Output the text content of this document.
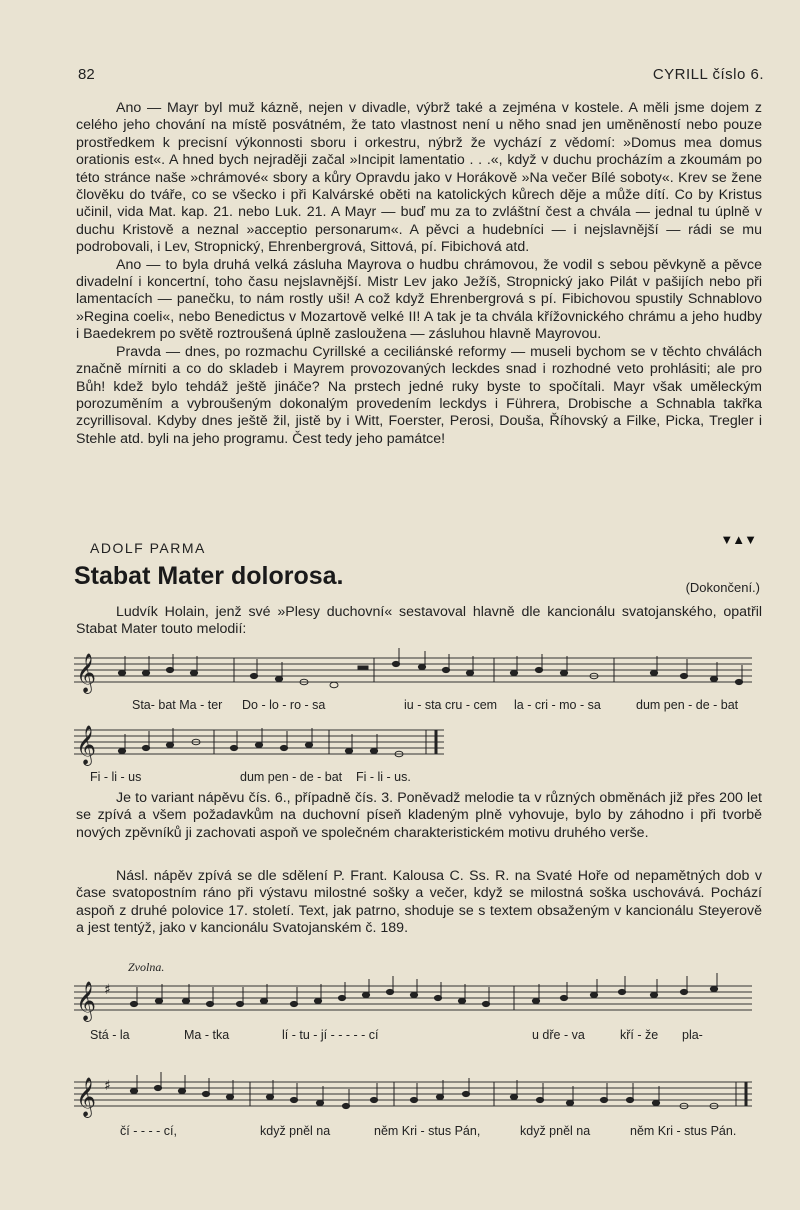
82	CYRILL číslo 6.

Ano — Mayr byl muž kázně, nejen v divadle, výbrž také a zejména v kostele. A měli jsme dojem z celého jeho chování na místě posvátném, že tato vlastnost není u něho snad jen uměněností nebo pouze prostředkem k precisní výkonnosti sboru i orkestru, nýbrž že vychází z vědomí: »Domus mea domus orationis est«. A hned bych nejraději začal »Incipit lamentatio . . .«, když v duchu procházím a zkoumám po této stránce naše »chrámové« sbory a kůry Opravdu jako v Horákově »Na večer Bílé soboty«. Krev se žene člověku do tváře, co se všecko i při Kalvárské oběti na katolických kůrech děje a může dítí. Co by Kristus učinil, vida Mat. kap. 21. nebo Luk. 21. A Mayr — buď mu za to zvláštní čest a chvála — jednal tu úplně v duchu Kristově a neznal »acceptio personarum«. A pěvci a hudebníci — i nejslavnější — rádi se mu podrobovali, i Lev, Stropnický, Ehrenbergrová, Sittová, pí. Fibichová atd.

Ano — to byla druhá velká zásluha Mayrova o hudbu chrámovou, že vodil s sebou pěvkyně a pěvce divadelní i koncertní, toho času nejslavnější. Mistr Lev jako Ježíš, Stropnický jako Pilát v pašijích nebo při lamentacích — panečku, to nám rostly uši! A což když Ehrenbergrová s pí. Fibichovou spustily Schnablovo »Regina coeli«, nebo Benedictus v Mozartově velké II! A tak je ta chvála křížovnického chrámu a jeho hudby i Baedekrem po světě roztroušená úplně zasloužena — zásluhou hlavně Mayrovou.

Pravda — dnes, po rozmachu Cyrillské a ceciliánské reformy — museli bychom se v těchto chválách značně mírniti a co do skladeb i Mayrem provozovaných leckdes snad i rozhodné veto prohlásiti; ale pro Bůh! kdež bylo tehdáž ještě jináče? Na prstech jedné ruky byste to spočítali. Mayr však uměleckým porozuměním a vybroušeným dokonalým provedením leckdys i Führera, Drobische a Schnabla takřka zcyrillisoval. Kdyby dnes ještě žil, jistě by i Witt, Foerster, Perosi, Douša, Říhovský a Filke, Picka, Tregler i Stehle atd. byli na jeho programu. Čest tedy jeho památce!

ADOLF PARMA
▼▲▼
Stabat Mater dolorosa.	(Dokončení.)

Ludvík Holain, jenž své »Plesy duchovní« sestavoval hlavně dle kancionálu svatojanského, opatřil Stabat Mater touto melodií:

𝄞
Sta- bat Ma - ter Do - lo - ro - sa	iu - sta cru - cem la - cri - mo - sa	dum pen - de - bat
𝄞
Fi - li - us	dum pen - de - bat Fi - li - us.

Je to variant nápěvu čís. 6., případně čís. 3. Poněvadž melodie ta v různých obměnách již přes 200 let se zpívá a všem požadavkům na duchovní píseň kladeným plně vyhovuje, bylo by záhodno i při tvorbě nových zpěvníků ji zachovati aspoň ve společném charakteristickém motivu druhého verše.

Násl. nápěv zpívá se dle sdělení P. Frant. Kalousa C. Ss. R. na Svaté Hoře od nepamětných dob v čase svatopostním ráno při výstavu milostné sošky a večer, když se milostná soška uschovává. Pochází aspoň z druhé polovice 17. století. Text, jak patrno, shoduje se s textem obsaženým v kancionálu Steyerově a jest tentýž, jako v kancionálu Svatojanském č. 189.

Zvolna.
𝄞 ♯
Stá - la	Ma - tka	lí - tu - jí - - - - - cí	u dře - va	kří - že pla-
𝄞 ♯
čí - - - - cí,	když pněl na	něm Kri - stus Pán,	když pněl na	něm Kri - stus Pán.
